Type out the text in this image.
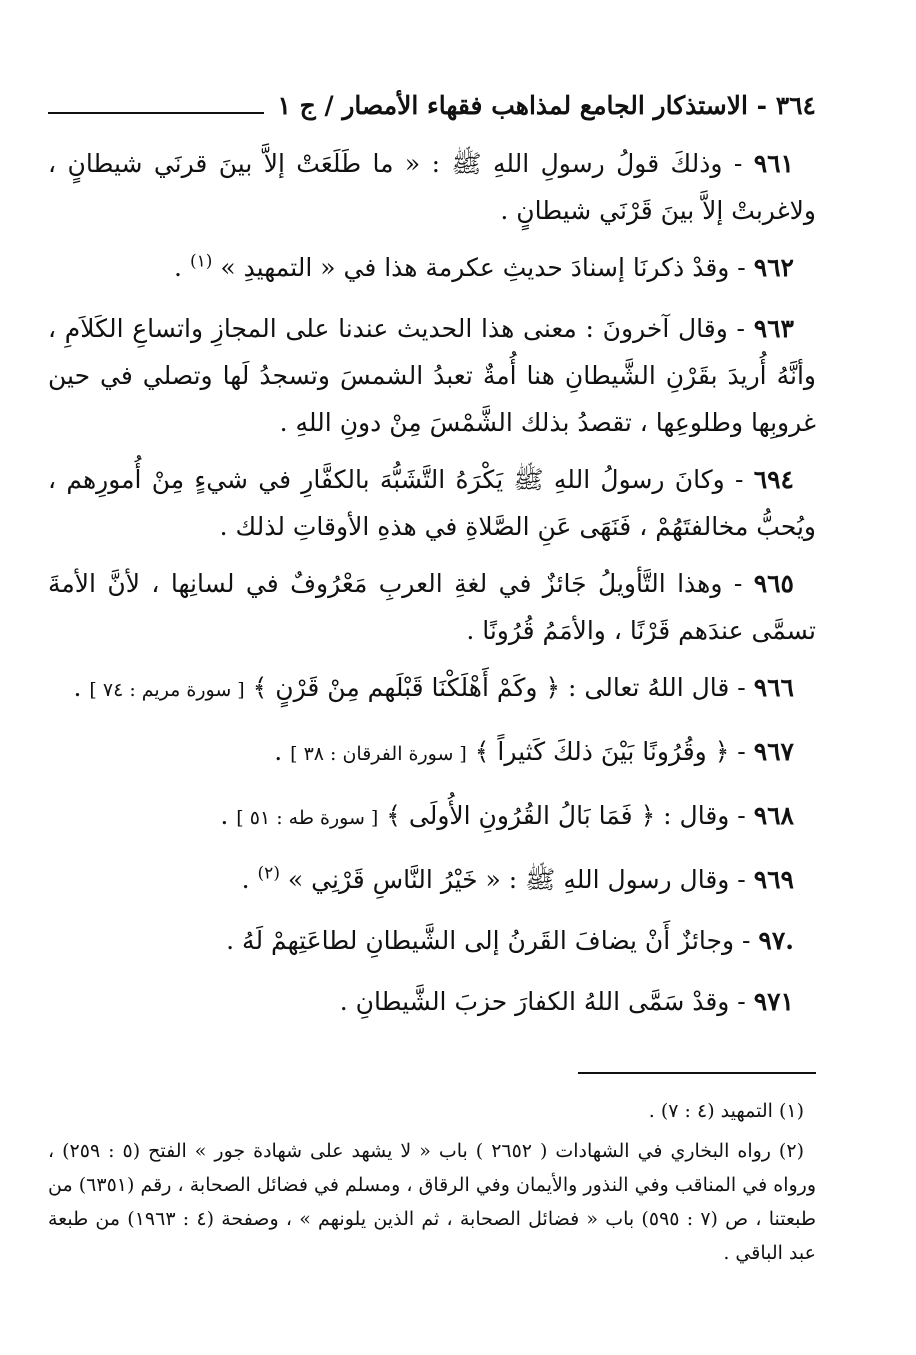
٣٦٤ - الاستذكار الجامع لمذاهب فقهاء الأمصار / ج ١

٩٦١ - وذلكَ قولُ رسولِ اللهِ ﷺ : « ما طَلَعَتْ إلاَّ بينَ قرنَي شيطانٍ ، ولاغربتْ إلاَّ بينَ قَرْنَي شيطانٍ .

٩٦٢ - وقدْ ذكرنَا إسنادَ حديثِ عكرمة هذا في « التمهيدِ » $^{(١)}$ .

٩٦٣ - وقال آخرونَ : معنى هذا الحديث عندنا على المجازِ واتساعِ الكَلاَمِ ، وأنَّهُ أُريدَ بقَرْنِ الشَّيطانِ هنا أُمةٌ تعبدُ الشمسَ وتسجدُ لَها وتصلي في حين غروبِها وطلوعِها ، تقصدُ بذلك الشَّمْسَ مِنْ دونِ اللهِ .

٦٩٤ - وكانَ رسولُ اللهِ ﷺ يَكْرَهُ التَّشَبُّهَ بالكفَّارِ في شيءٍ مِنْ أُمورِهم ، ويُحبُّ مخالفتَهُمْ ، فَنَهَى عَنِ الصَّلاةِ في هذهِ الأوقاتِ لذلك .

٩٦٥ - وهذا التَّأويلُ جَائزٌ في لغةِ العربِ مَعْرُوفٌ في لسانِها ، لأنَّ الأمةَ تسمَّى عندَهم قَرْنًا ، والأمَمُ قُرُونًا .

٩٦٦ - قال اللهُ تعالى : ﴿ وكَمْ أَهْلَكْنَا قَبْلَهم مِنْ قَرْنٍ ﴾ [ سورة مريم : ٧٤ ] .

٩٦٧ - ﴿ وقُرُونًا بَيْنَ ذلكَ كَثيراً ﴾ [ سورة الفرقان : ٣٨ ] .

٩٦٨ - وقال : ﴿ فَمَا بَالُ القُرُونِ الأُولَى ﴾ [ سورة طه : ٥١ ] .

٩٦٩ - وقال رسول اللهِ ﷺ : « خَيْرُ النَّاسِ قَرْنِي » $^{(٢)}$ .

.٩٧ - وجائزٌ أَنْ يضافَ القَرنُ إلى الشَّيطانِ لطاعَتِهمْ لَهُ .

٩٧١ - وقدْ سَمَّى اللهُ الكفارَ حزبَ الشَّيطانِ .

(١) التمهيد (٤ : ٧) .

(٢) رواه البخاري في الشهادات ( ٢٦٥٢ ) باب « لا يشهد على شهادة جور » الفتح (٥ : ٢٥٩) ، ورواه في المناقب وفي النذور والأيمان وفي الرقاق ، ومسلم في فضائل الصحابة ، رقم (٦٣٥١) من طبعتنا ، ص (٧ : ٥٩٥) باب « فضائل الصحابة ، ثم الذين يلونهم » ، وصفحة (٤ : ١٩٦٣) من طبعة عبد الباقي .
